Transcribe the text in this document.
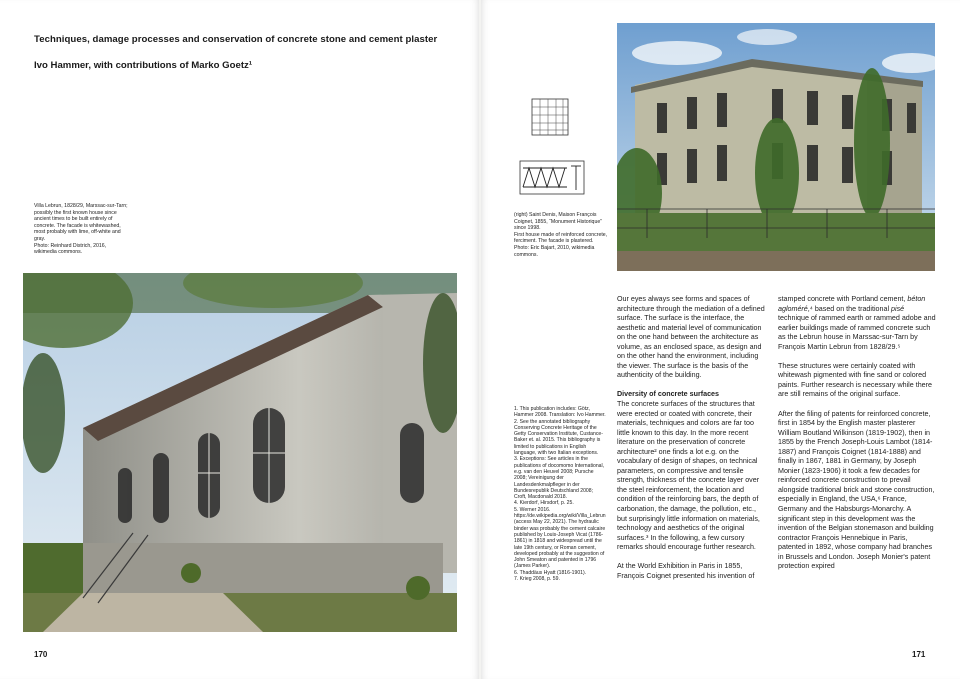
Techniques, damage processes and conservation of concrete stone and cement plaster
Ivo Hammer, with contributions of Marko Goetz¹
Villa Lebrun, 1828/29, Marssac-sur-Tarn; possibly the first known house since ancient times to be built entirely of concrete. The facade is whitewashed, most probably with lime, off-white and gray.
Photo: Reinhard Districh, 2016, wikimedia commons.
170
(right) Saint Denis, Maison François Coignet, 1855, “Monument Historique” since 1998.
First house made of reinforced concrete, ferciment. The facade is plastered.
Photo: Eric Bajart, 2010, wikimedia commons.

1. This publication includes: Götz, Hammer 2008. Translation: Ivo Hammer.

2. See the annotated bibliography Conserving Concrete Heritage of the Getty Conservation Institute, Custance-Baker et. al. 2015. This bibliography is limited to publications in English language, with two Italian exceptions.

3. Exceptions: See articles in the publications of docomomo International, e.g. van den Heuvel 2008; Pursche 2008; Vereinigung der Landesdenkmalpfleger in der Bundesrepublik Deutschland 2008; Croft, Macdonald 2018.

4. Kierdorf, Hirsdorf, p. 25.

5. Werner 2016. https://de.wikipedia.org/wiki/Villa_Lebrun (access May 22, 2021). The hydraulic binder was probably the cement calcaire published by Louis-Joseph Vicat (1786-1861) in 1818 and widespread until the late 19th century, or Roman cement, developed probably at the suggestion of John Smeaton and patented in 1796 (James Parker).

6. Thaddäus Hyatt (1816-1901).

7. Krieg 2008, p. 59.

Our eyes always see forms and spaces of architecture through the mediation of a defined surface. The surface is the interface, the aesthetic and material level of communication on the one hand between the architecture as volume, as an enclosed space, as design and on the other hand the environment, including the viewer. The surface is the basis of the authenticity of the building.

Diversity of concrete surfaces

The concrete surfaces of the structures that were erected or coated with concrete, their materials, techniques and colors are far too little known to this day. In the more recent literature on the preservation of concrete architecture² one finds a lot e.g. on the vocabulary of design of shapes, on technical parameters, on compressive and tensile strength, thickness of the concrete layer over the steel reinforcement, the location and condition of the reinforcing bars, the depth of carbonation, the damage, the pollution, etc., but surprisingly little information on materials, technology and aesthetics of the original surfaces.³ In the following, a few cursory remarks should encourage further research.

At the World Exhibition in Paris in 1855, François Coignet presented his invention of

stamped concrete with Portland cement, béton agloméré,⁴ based on the traditional pisé technique of rammed earth or rammed adobe and earlier buildings made of rammed concrete such as the Lebrun house in Marssac-sur-Tarn by François Martin Lebrun from 1828/29.⁵

These structures were certainly coated with whitewash pigmented with fine sand or colored paints. Further research is necessary while there are still remains of the original surface.

After the filing of patents for reinforced concrete, first in 1854 by the English master plasterer William Boutland Wilkinson (1819-1902), then in 1855 by the French Joseph-Louis Lambot (1814-1887) and François Coignet (1814-1888) and finally in 1867, 1881 in Germany, by Joseph Monier (1823-1906) it took a few decades for reinforced concrete construction to prevail alongside traditional brick and stone construction, especially in England, the USA,⁶ France, Germany and the Habsburgs-Monarchy. A significant step in this development was the invention of the Belgian stonemason and building contractor François Hennebique in Paris, patented in 1892, whose company had branches in Brussels and London. Joseph Monier's patent protection expired

171
